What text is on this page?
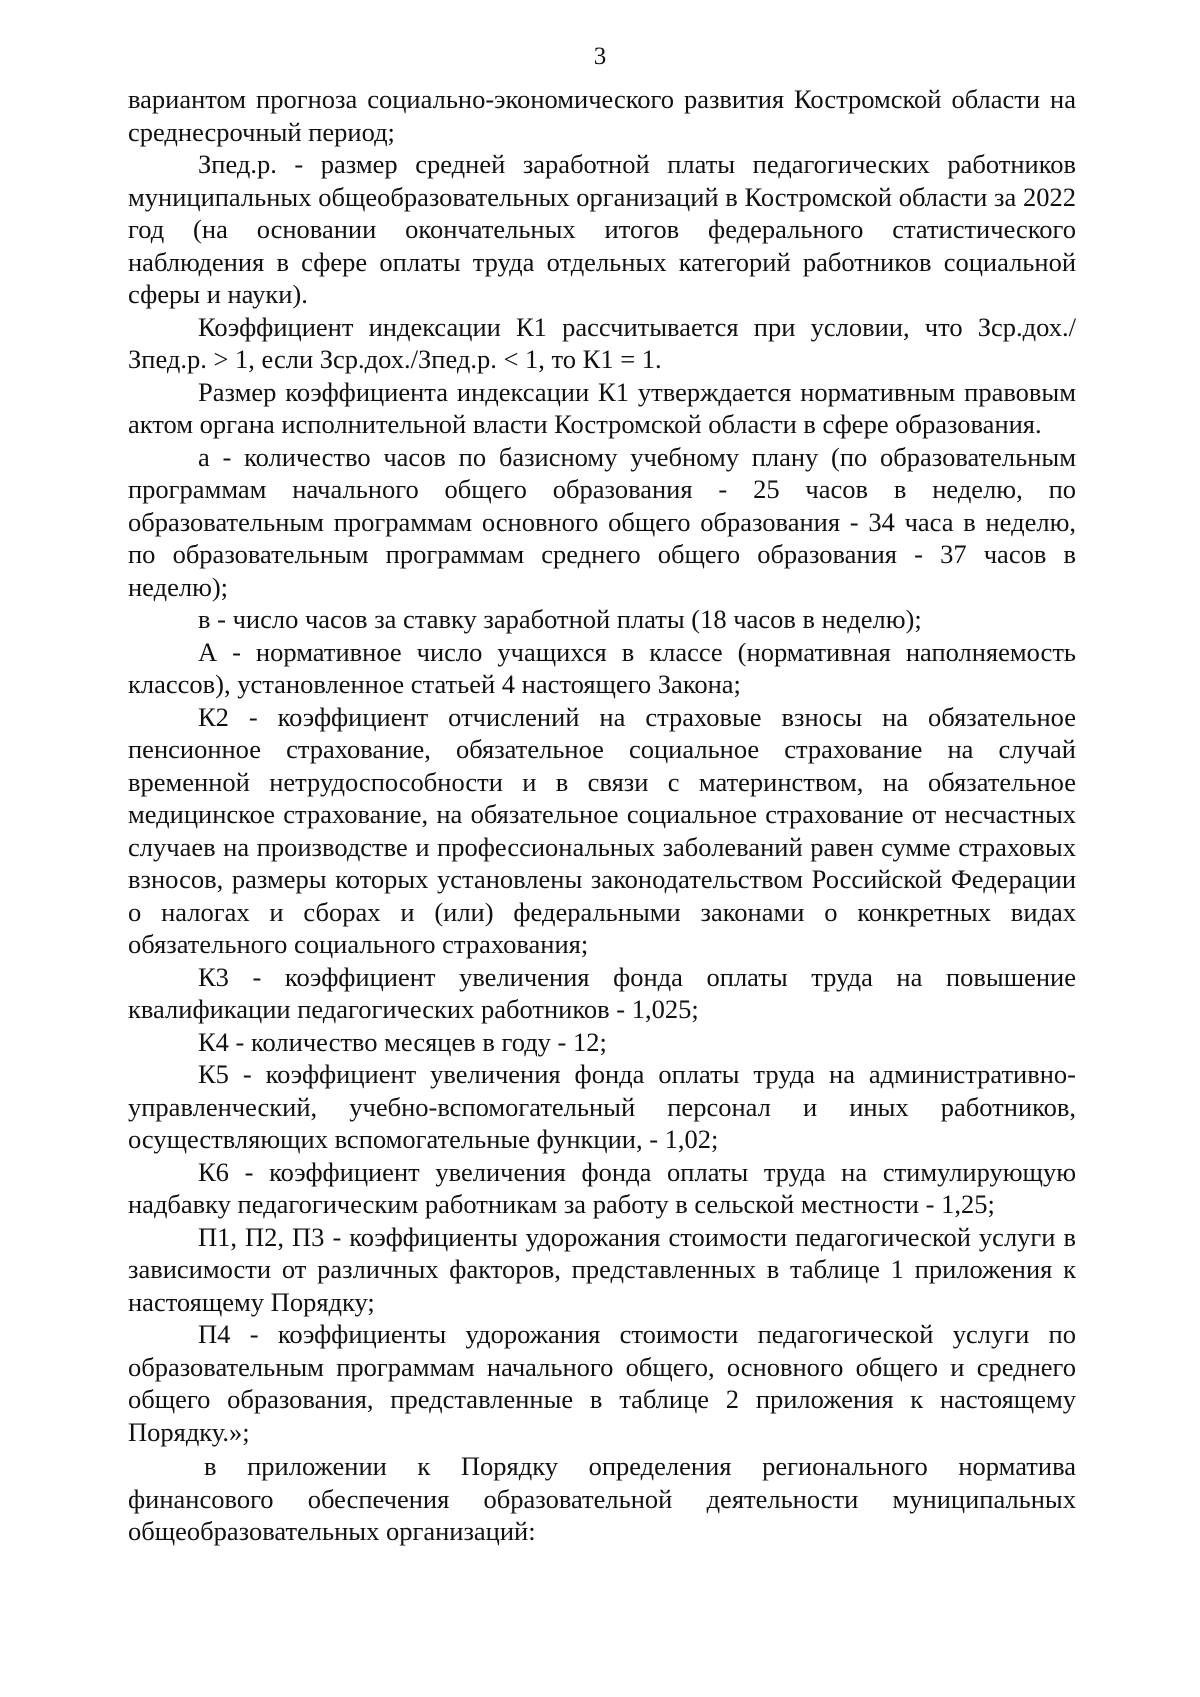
3

вариантом прогноза социально-экономического развития Костромской области на среднесрочный период;

Зпед.р. - размер средней заработной платы педагогических работников муниципальных общеобразовательных организаций в Костромской области за 2022 год (на основании окончательных итогов федерального статистического наблюдения в сфере оплаты труда отдельных категорий работников социальной сферы и науки).

Коэффициент индексации К1 рассчитывается при условии, что Зср.дох./Зпед.р. > 1, если Зср.дох./Зпед.р. < 1, то К1 = 1.

Размер коэффициента индексации К1 утверждается нормативным правовым актом органа исполнительной власти Костромской области в сфере образования.

а - количество часов по базисному учебному плану (по образовательным программам начального общего образования - 25 часов в неделю, по образовательным программам основного общего образования - 34 часа в неделю, по образовательным программам среднего общего образования - 37 часов в неделю);

в - число часов за ставку заработной платы (18 часов в неделю);

А - нормативное число учащихся в классе (нормативная наполняемость классов), установленное статьей 4 настоящего Закона;

К2 - коэффициент отчислений на страховые взносы на обязательное пенсионное страхование, обязательное социальное страхование на случай временной нетрудоспособности и в связи с материнством, на обязательное медицинское страхование, на обязательное социальное страхование от несчастных случаев на производстве и профессиональных заболеваний равен сумме страховых взносов, размеры которых установлены законодательством Российской Федерации о налогах и сборах и (или) федеральными законами о конкретных видах обязательного социального страхования;

К3 - коэффициент увеличения фонда оплаты труда на повышение квалификации педагогических работников - 1,025;

К4 - количество месяцев в году - 12;

К5 - коэффициент увеличения фонда оплаты труда на административно-управленческий, учебно-вспомогательный персонал и иных работников, осуществляющих вспомогательные функции, - 1,02;

К6 - коэффициент увеличения фонда оплаты труда на стимулирующую надбавку педагогическим работникам за работу в сельской местности - 1,25;

П1, П2, П3 - коэффициенты удорожания стоимости педагогической услуги в зависимости от различных факторов, представленных в таблице 1 приложения к настоящему Порядку;

П4 - коэффициенты удорожания стоимости педагогической услуги по образовательным программам начального общего, основного общего и среднего общего образования, представленные в таблице 2 приложения к настоящему Порядку.»;

в приложении к Порядку определения регионального норматива финансового обеспечения образовательной деятельности муниципальных общеобразовательных организаций:
